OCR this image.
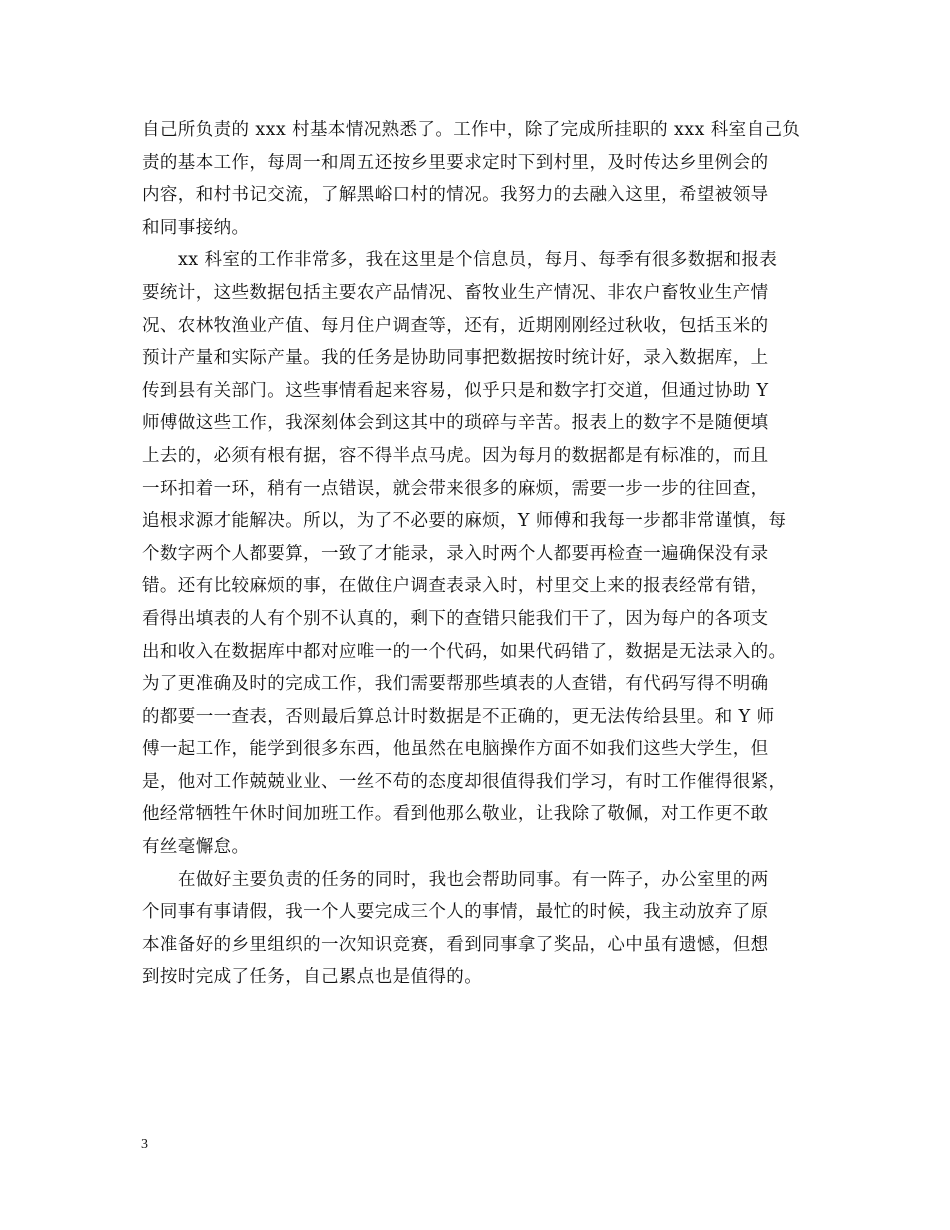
自己所负责的 xxx 村基本情况熟悉了。工作中，除了完成所挂职的 xxx 科室自己负
责的基本工作，每周一和周五还按乡里要求定时下到村里，及时传达乡里例会的
内容，和村书记交流，了解黑峪口村的情况。我努力的去融入这里，希望被领导
和同事接纳。
xx 科室的工作非常多，我在这里是个信息员，每月、每季有很多数据和报表
要统计，这些数据包括主要农产品情况、畜牧业生产情况、非农户畜牧业生产情
况、农林牧渔业产值、每月住户调查等，还有，近期刚刚经过秋收，包括玉米的
预计产量和实际产量。我的任务是协助同事把数据按时统计好，录入数据库，上
传到县有关部门。这些事情看起来容易，似乎只是和数字打交道，但通过协助 Y
师傅做这些工作，我深刻体会到这其中的琐碎与辛苦。报表上的数字不是随便填
上去的，必须有根有据，容不得半点马虎。因为每月的数据都是有标准的，而且
一环扣着一环，稍有一点错误，就会带来很多的麻烦，需要一步一步的往回查，
追根求源才能解决。所以，为了不必要的麻烦，Y 师傅和我每一步都非常谨慎，每
个数字两个人都要算，一致了才能录，录入时两个人都要再检查一遍确保没有录
错。还有比较麻烦的事，在做住户调查表录入时，村里交上来的报表经常有错，
看得出填表的人有个别不认真的，剩下的查错只能我们干了，因为每户的各项支
出和收入在数据库中都对应唯一的一个代码，如果代码错了，数据是无法录入的。
为了更准确及时的完成工作，我们需要帮那些填表的人查错，有代码写得不明确
的都要一一查表，否则最后算总计时数据是不正确的，更无法传给县里。和 Y 师
傅一起工作，能学到很多东西，他虽然在电脑操作方面不如我们这些大学生，但
是，他对工作兢兢业业、一丝不苟的态度却很值得我们学习，有时工作催得很紧，
他经常牺牲午休时间加班工作。看到他那么敬业，让我除了敬佩，对工作更不敢
有丝毫懈怠。
在做好主要负责的任务的同时，我也会帮助同事。有一阵子，办公室里的两
个同事有事请假，我一个人要完成三个人的事情，最忙的时候，我主动放弃了原
本准备好的乡里组织的一次知识竞赛，看到同事拿了奖品，心中虽有遗憾，但想
到按时完成了任务，自己累点也是值得的。
3
